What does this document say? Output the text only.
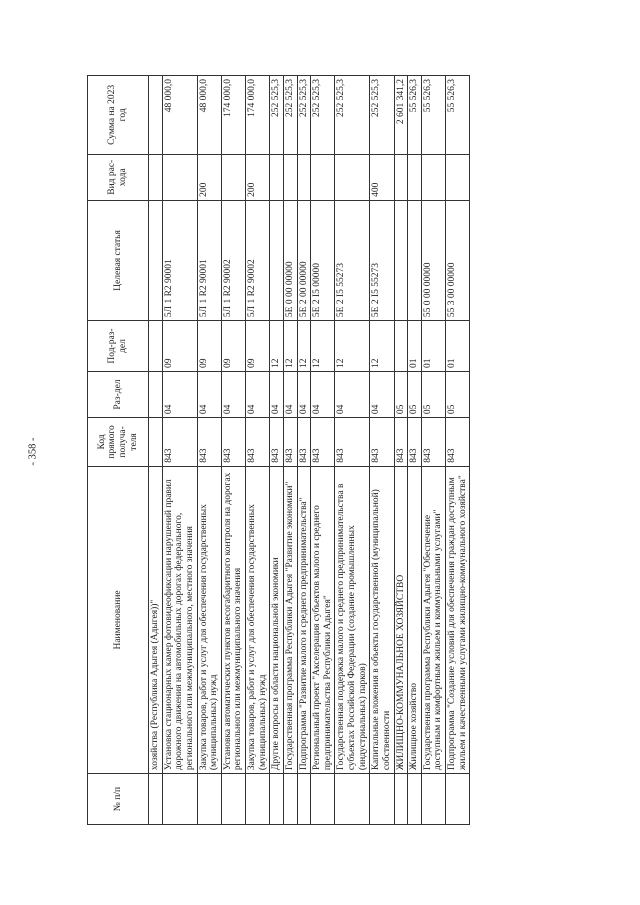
- 358 -
№ п/п	Наименование	Код прямого получа-теля	Раз-дел	Под-раз-дел	Целевая статья	Вид рас-хода	Сумма на 2023 год
	хозяйства (Республика Адыгея (Адыгея))"						
	Установка стационарных камер фотовидеофиксации нарушений правил дорожного движения на автомобильных дорогах федерального, регионального или межмуниципального, местного значения	843	04	09	5Л 1 R2 90001		48 000,0
	Закупка товаров, работ и услуг для обеспечения государственных (муниципальных) нужд	843	04	09	5Л 1 R2 90001	200	48 000,0
	Установка автоматических пунктов весогабаритного контроля на дорогах регионального или межмуниципального значения	843	04	09	5Л 1 R2 90002		174 000,0
	Закупка товаров, работ и услуг для обеспечения государственных (муниципальных) нужд	843	04	09	5Л 1 R2 90002	200	174 000,0
	Другие вопросы в области национальной экономики	843	04	12			252 525,3
	Государственная программа Республики Адыгея "Развитие экономики"	843	04	12	5Е 0 00 00000		252 525,3
	Подпрограмма "Развитие малого и среднего предпринимательства"	843	04	12	5Е 2 00 00000		252 525,3
	Региональный проект "Акселерация субъектов малого и среднего предпринимательства Республики Адыгея"	843	04	12	5Е 2 I5 00000		252 525,3
	Государственная поддержка малого и среднего предпринимательства в субъектах Российской Федерации (создание промышленных (индустриальных) парков)	843	04	12	5Е 2 I5 55273		252 525,3
	Капитальные вложения в объекты государственной (муниципальной) собственности	843	04	12	5Е 2 I5 55273	400	252 525,3
	ЖИЛИЩНО-КОММУНАЛЬНОЕ ХОЗЯЙСТВО	843	05				2 601 341,2
	Жилищное хозяйство	843	05	01			55 526,3
	Государственная программа Республики Адыгея "Обеспечение доступным и комфортным жильем и коммунальными услугами"	843	05	01	55 0 00 00000		55 526,3
	Подпрограмма "Создание условий для обеспечения граждан доступным жильем и качественными услугами жилищно-коммунального хозяйства"	843	05	01	55 3 00 00000		55 526,3
